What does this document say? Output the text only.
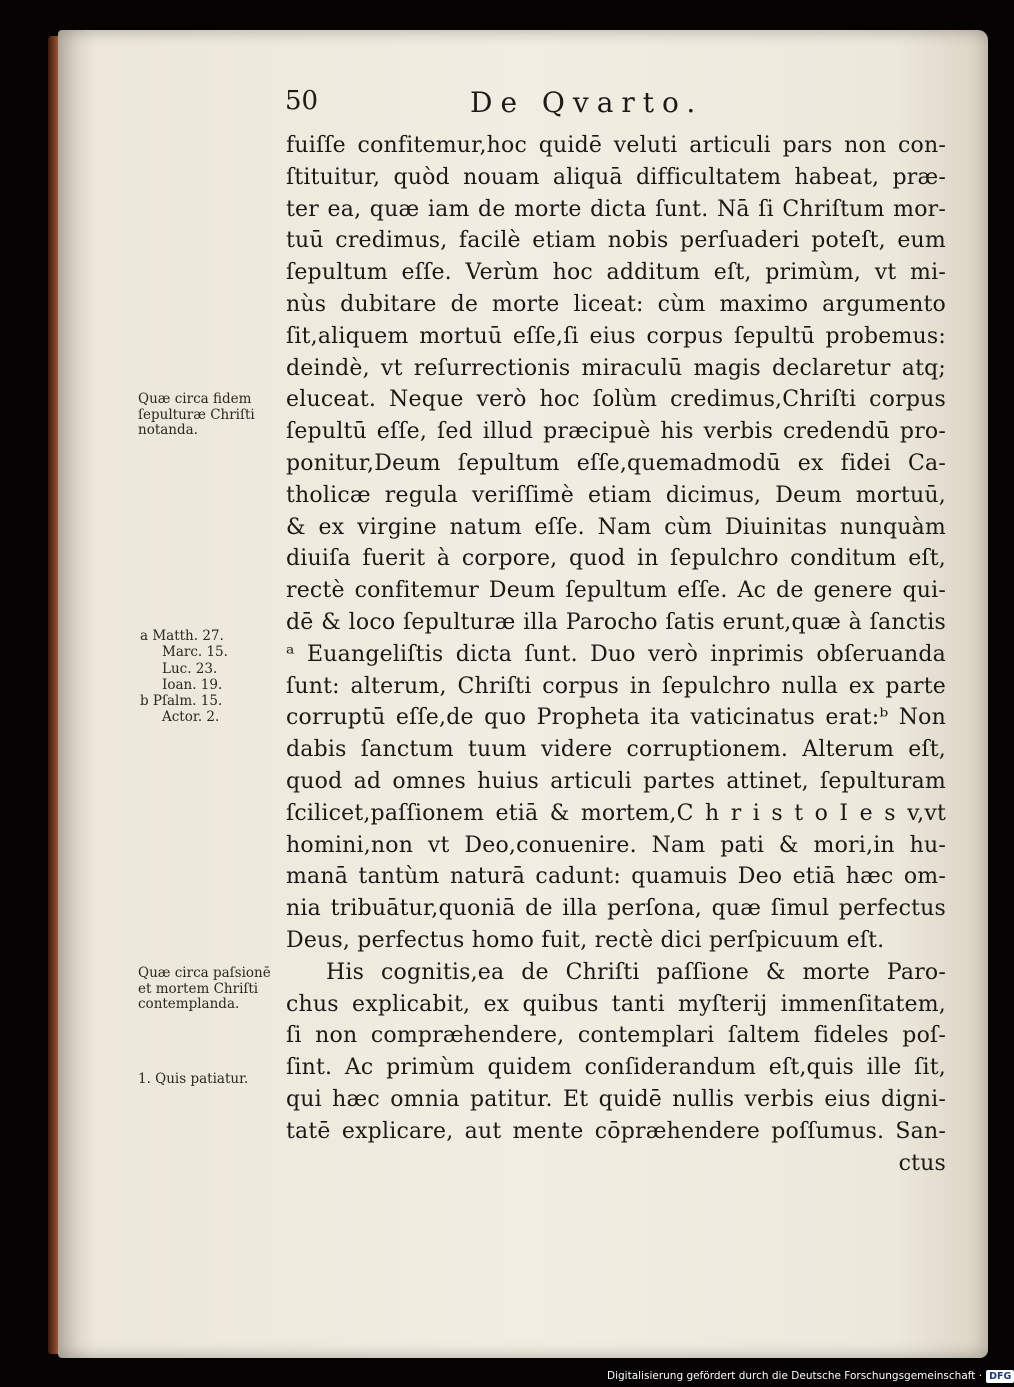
50	De Qvarto.
fuiſſe confitemur,hoc quidē veluti articuli pars non con-
ſtituitur, quòd nouam aliquā difficultatem habeat, præ-
ter ea, quæ iam de morte dicta ſunt. Nā ſi Chriſtum mor-
tuū credimus, facilè etiam nobis perſuaderi poteſt, eum
ſepultum eſſe. Verùm hoc additum eſt, primùm, vt mi-
nùs dubitare de morte liceat: cùm maximo argumento
ſit,aliquem mortuū eſſe,ſi eius corpus ſepultū probemus:
deindè, vt reſurrectionis miraculū magis declaretur atq;
eluceat. Neque verò hoc ſolùm credimus,Chriſti corpus
ſepultū eſſe, ſed illud præcipuè his verbis credendū pro-
ponitur,Deum ſepultum eſſe,quemadmodū ex fidei Ca-
tholicæ regula veriſſimè etiam dicimus, Deum mortuū,
& ex virgine natum eſſe. Nam cùm Diuinitas nunquàm
diuiſa fuerit à corpore, quod in ſepulchro conditum eſt,
rectè confitemur Deum ſepultum eſſe. Ac de genere qui-
dē & loco ſepulturæ illa Parocho ſatis erunt,quæ à ſanctis
ᵃ Euangeliſtis dicta ſunt. Duo verò inprimis obſeruanda
ſunt: alterum, Chriſti corpus in ſepulchro nulla ex parte
corruptū eſſe,de quo Propheta ita vaticinatus erat:ᵇ Non
dabis ſanctum tuum videre corruptionem. Alterum eſt,
quod ad omnes huius articuli partes attinet, ſepulturam
ſcilicet,paſſionem etiā & mortem,C h r i s t o I e s v,vt
homini,non vt Deo,conuenire. Nam pati & mori,in hu-
manā tantùm naturā cadunt: quamuis Deo etiā hæc om-
nia tribuātur,quoniā de illa perſona, quæ ſimul perfectus
Deus, perfectus homo fuit, rectè dici perſpicuum eſt.
His cognitis,ea de Chriſti paſſione & morte Paro-
chus explicabit, ex quibus tanti myſterij immenſitatem,
ſi non compræhendere, contemplari ſaltem fideles poſ-
ſint. Ac primùm quidem conſiderandum eſt,quis ille ſit,
qui hæc omnia patitur. Et quidē nullis verbis eius digni-
tatē explicare, aut mente cōpræhendere poſſumus. San-
ctus
Quæ circa fidem
ſepulturæ Chriſti
notanda.
a Matth. 27.
Marc. 15.
Luc. 23.
Ioan. 19.
b Pſalm. 15.
Actor. 2.
Quæ circa paſsionē
et mortem Chriſti
contemplanda.
1. Quis patiatur.
Digitalisierung gefördert durch die Deutsche Forschungsgemeinschaft · DFG
